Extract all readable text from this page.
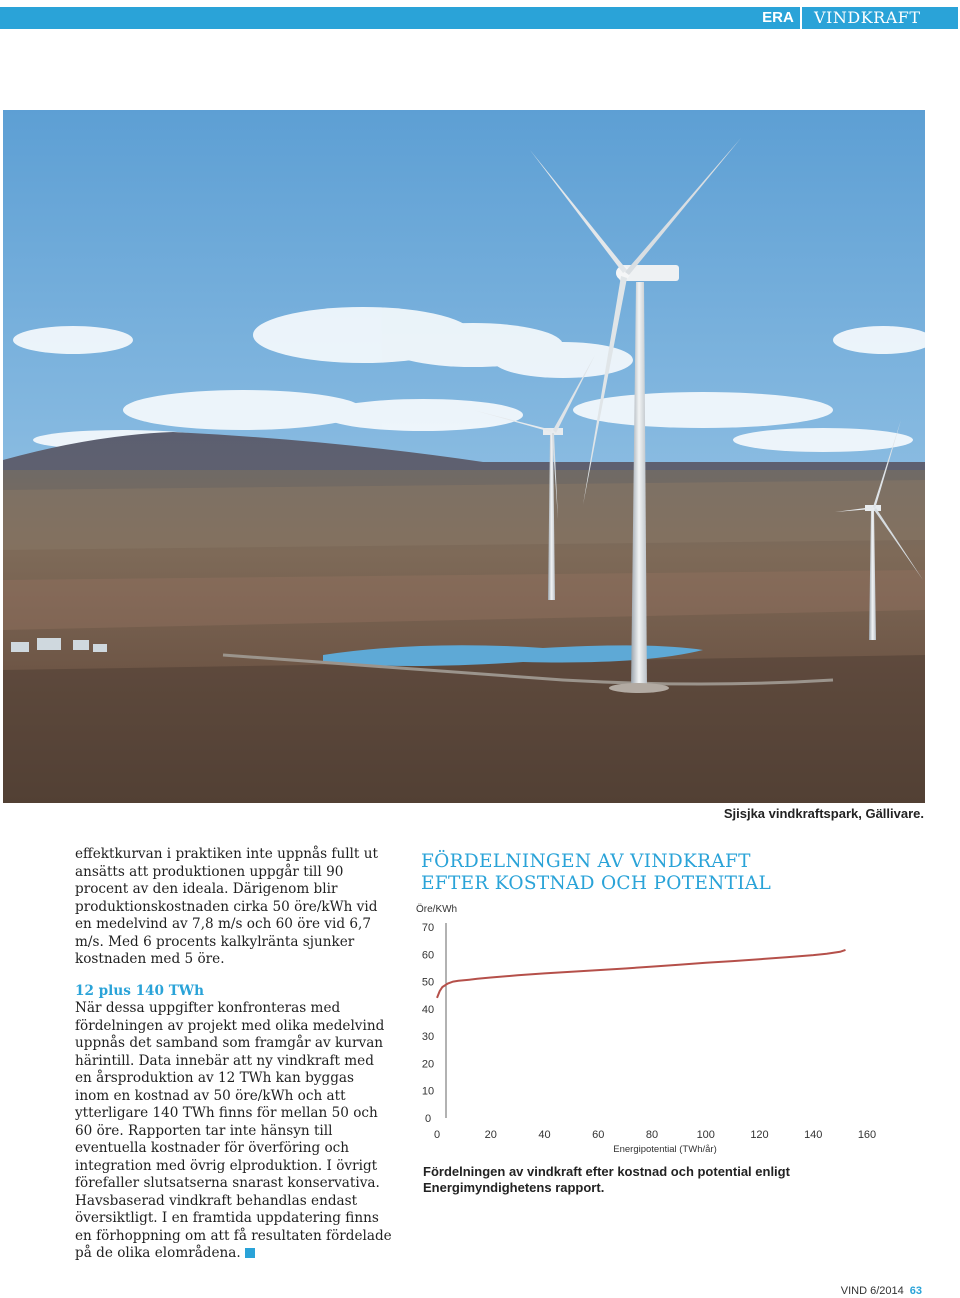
ERA	VINDKRAFT
Sjisjka vindkraftspark, Gällivare.

effektkurvan i praktiken inte uppnås fullt ut ansätts att produktionen uppgår till 90 procent av den ideala. Därigenom blir produktionskostnaden cirka 50 öre/kWh vid en medelvind av 7,8 m/s och 60 öre vid 6,7 m/s. Med 6 procents kalkylränta sjunker kostnaden med 5 öre.

12 plus 140 TWh

När dessa uppgifter konfronteras med fördelningen av projekt med olika medelvind uppnås det samband som framgår av kurvan härintill. Data innebär att ny vindkraft med en årsproduktion av 12 TWh kan byggas inom en kostnad av 50 öre/kWh och att ytterligare 140 TWh finns för mellan 50 och 60 öre. Rapporten tar inte hänsyn till eventuella kostnader för överföring och integration med övrig elproduktion. I övrigt förefaller slutsatserna snarast konservativa. Havsbaserad vindkraft behandlas endast översiktligt. I en framtida uppdatering finns en förhoppning om att få resultaten fördelade på de olika elområdena.

FÖRDELNINGEN AV VINDKRAFT
EFTER KOSTNAD OCH POTENTIAL
Öre/KWh
0
10
20
30
40
50
60
70
0	20	40	60	80	100	120	140	160
Energipotential (TWh/år)
Fördelningen av vindkraft efter kostnad och potential enligt Energimyndighetens rapport.
VIND 6/2014 63
